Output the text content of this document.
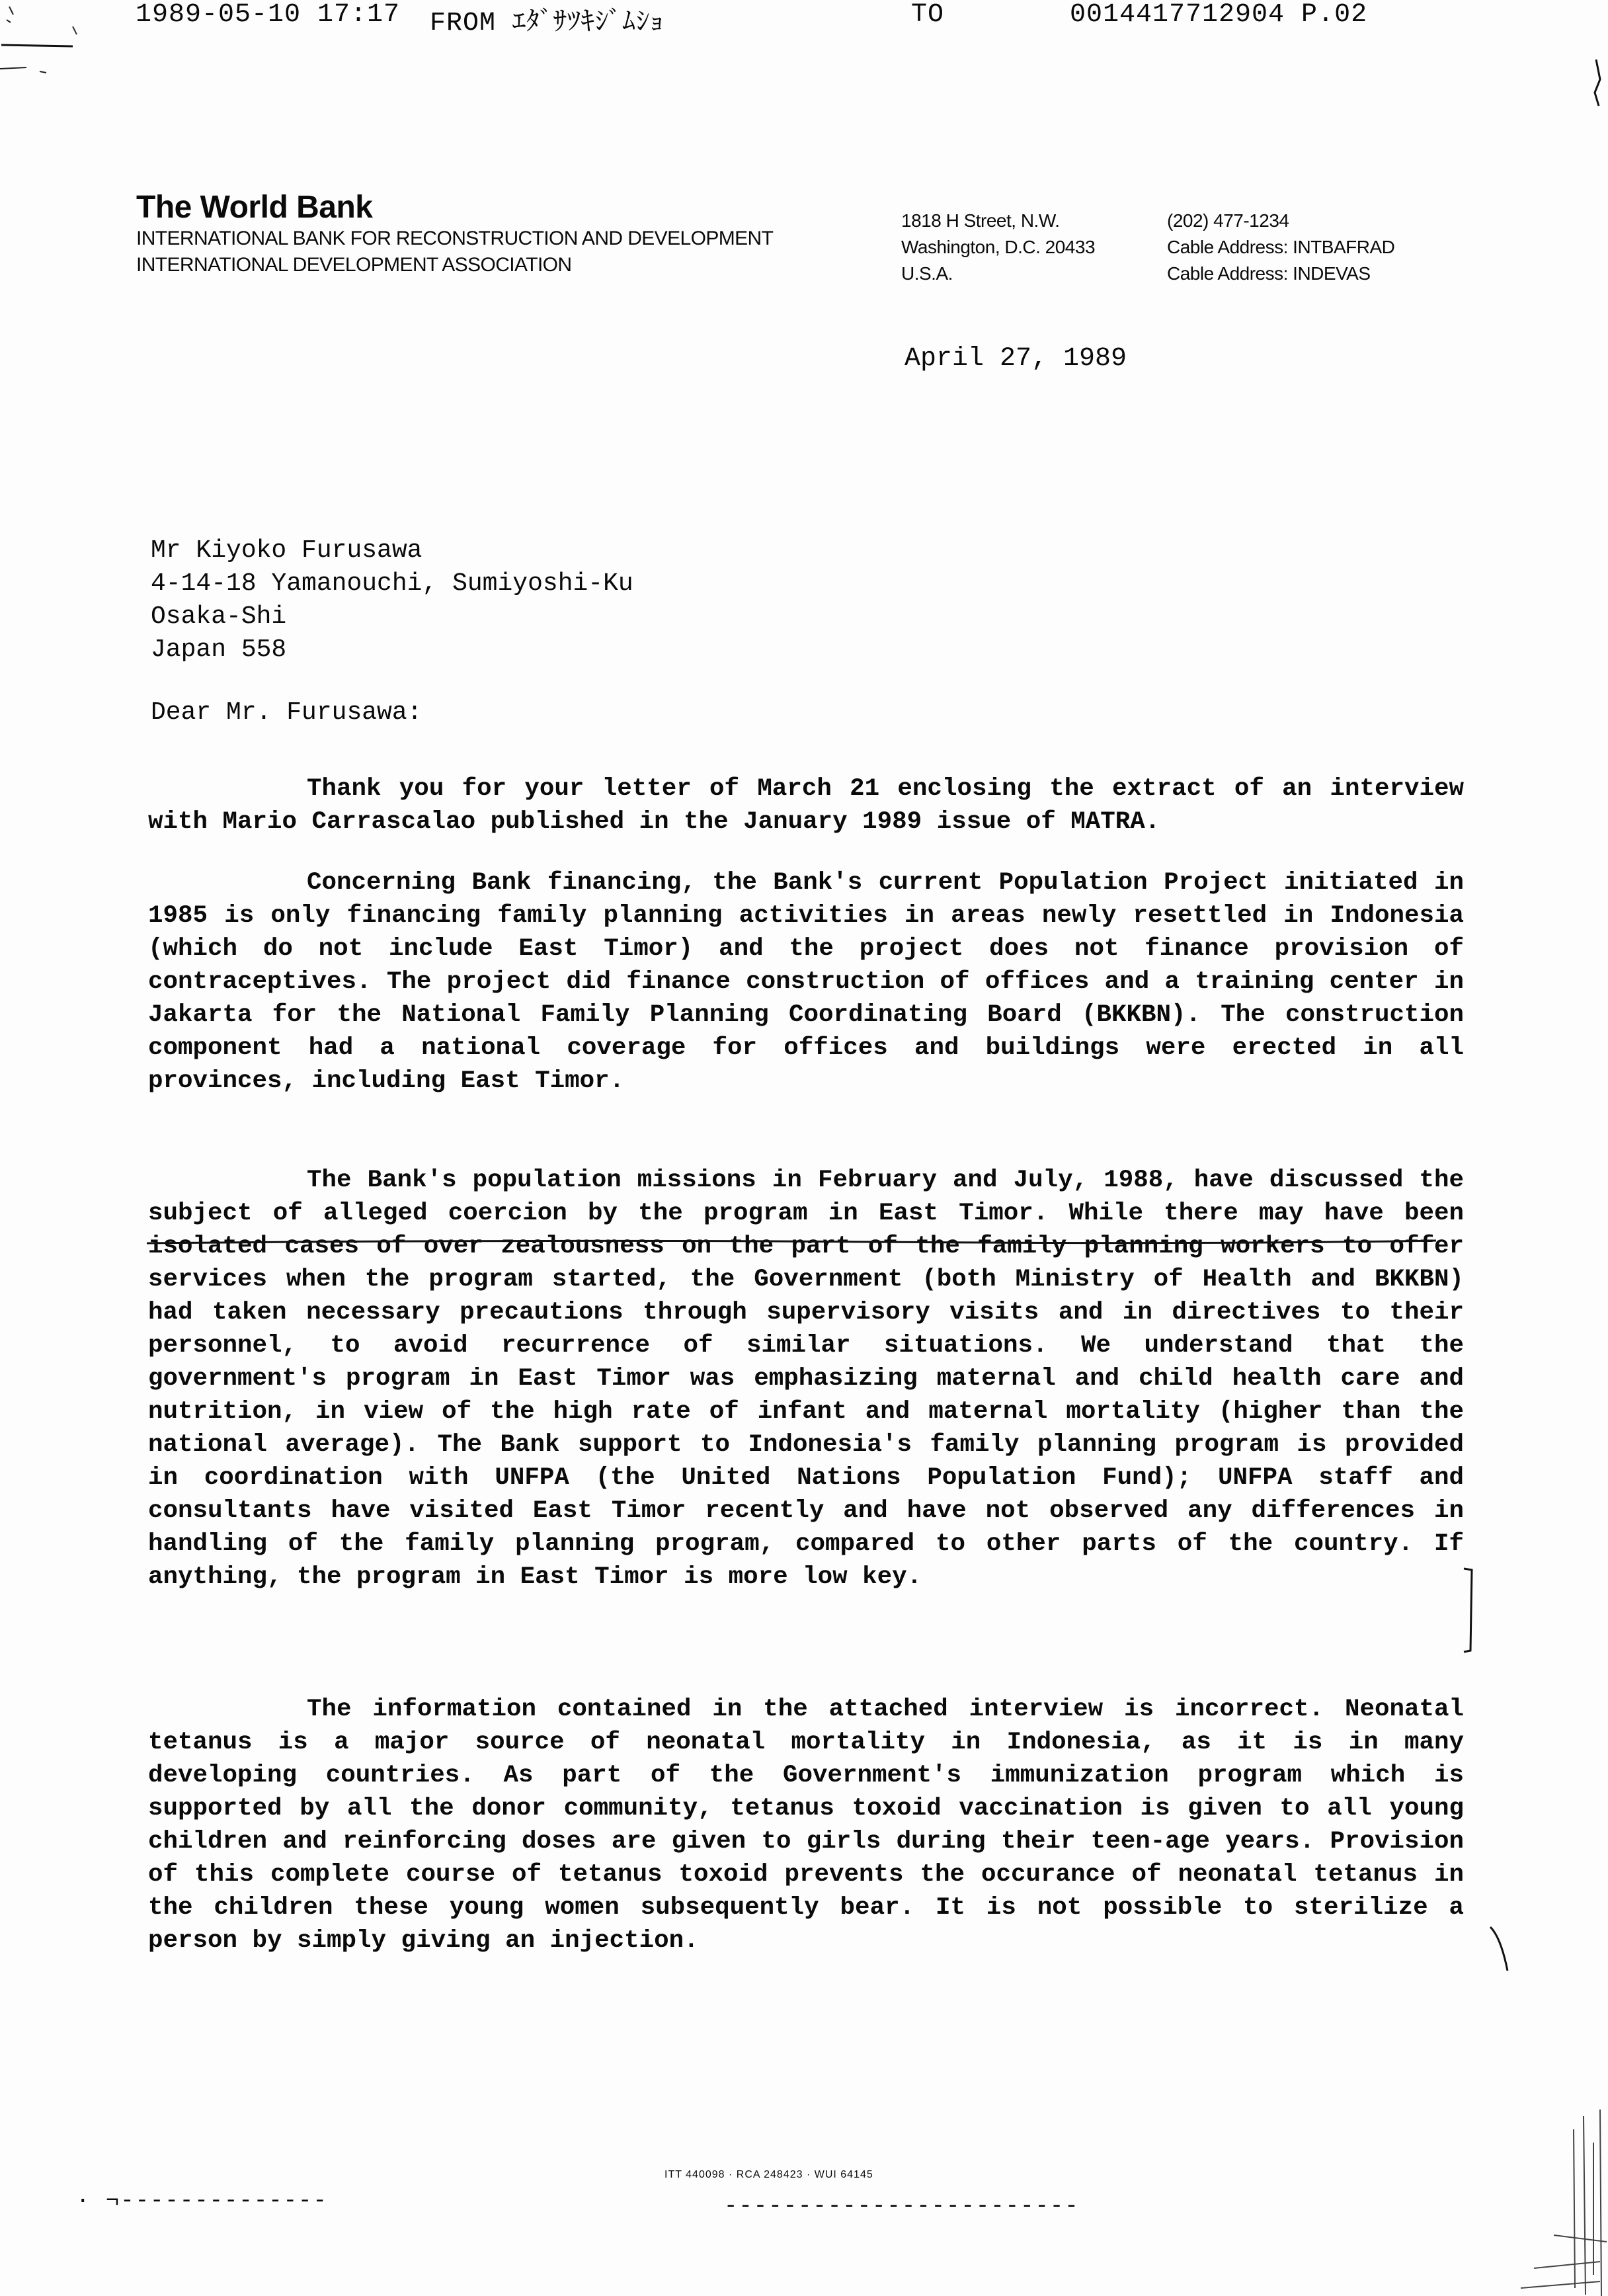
1989-05-10 17:17 FROM ｴﾀﾞｻﾂｷｼﾞﾑｼｮ	TO	0014417712904 P.02
The World Bank
INTERNATIONAL BANK FOR RECONSTRUCTION AND DEVELOPMENT
INTERNATIONAL DEVELOPMENT ASSOCIATION
1818 H Street, N.W.
Washington, D.C. 20433
U.S.A.
(202) 477-1234
Cable Address: INTBAFRAD
Cable Address: INDEVAS
April 27, 1989
Mr Kiyoko Furusawa
4-14-18 Yamanouchi, Sumiyoshi-Ku
Osaka-Shi
Japan 558
Dear Mr. Furusawa:

Thank you for your letter of March 21 enclosing the extract of an interview with Mario Carrascalao published in the January 1989 issue of MATRA.

Concerning Bank financing, the Bank's current Population Project initiated in 1985 is only financing family planning activities in areas newly resettled in Indonesia (which do not include East Timor) and the project does not finance provision of contraceptives. The project did finance construction of offices and a training center in Jakarta for the National Family Planning Coordinating Board (BKKBN). The construction component had a national coverage for offices and buildings were erected in all provinces, including East Timor.

The Bank's population missions in February and July, 1988, have discussed the subject of alleged coercion by the program in East Timor. While there may have been isolated cases of over zealousness on the part of the family planning workers to offer services when the program started, the Government (both Ministry of Health and BKKBN) had taken necessary precautions through supervisory visits and in directives to their personnel, to avoid recurrence of similar situations. We understand that the government's program in East Timor was emphasizing maternal and child health care and nutrition, in view of the high rate of infant and maternal mortality (higher than the national average). The Bank support to Indonesia's family planning program is provided in coordination with UNFPA (the United Nations Population Fund); UNFPA staff and consultants have visited East Timor recently and have not observed any differences in handling of the family planning program, compared to other parts of the country. If anything, the program in East Timor is more low key.

The information contained in the attached interview is incorrect. Neonatal tetanus is a major source of neonatal mortality in Indonesia, as it is in many developing countries. As part of the Government's immunization program which is supported by all the donor community, tetanus toxoid vaccination is given to all young children and reinforcing doses are given to girls during their teen-age years. Provision of this complete course of tetanus toxoid prevents the occurance of neonatal tetanus in the children these young women subsequently bear. It is not possible to sterilize a person by simply giving an injection.

ITT 440098 · RCA 248423 · WUI 64145
· ¬--------------	------------------------
